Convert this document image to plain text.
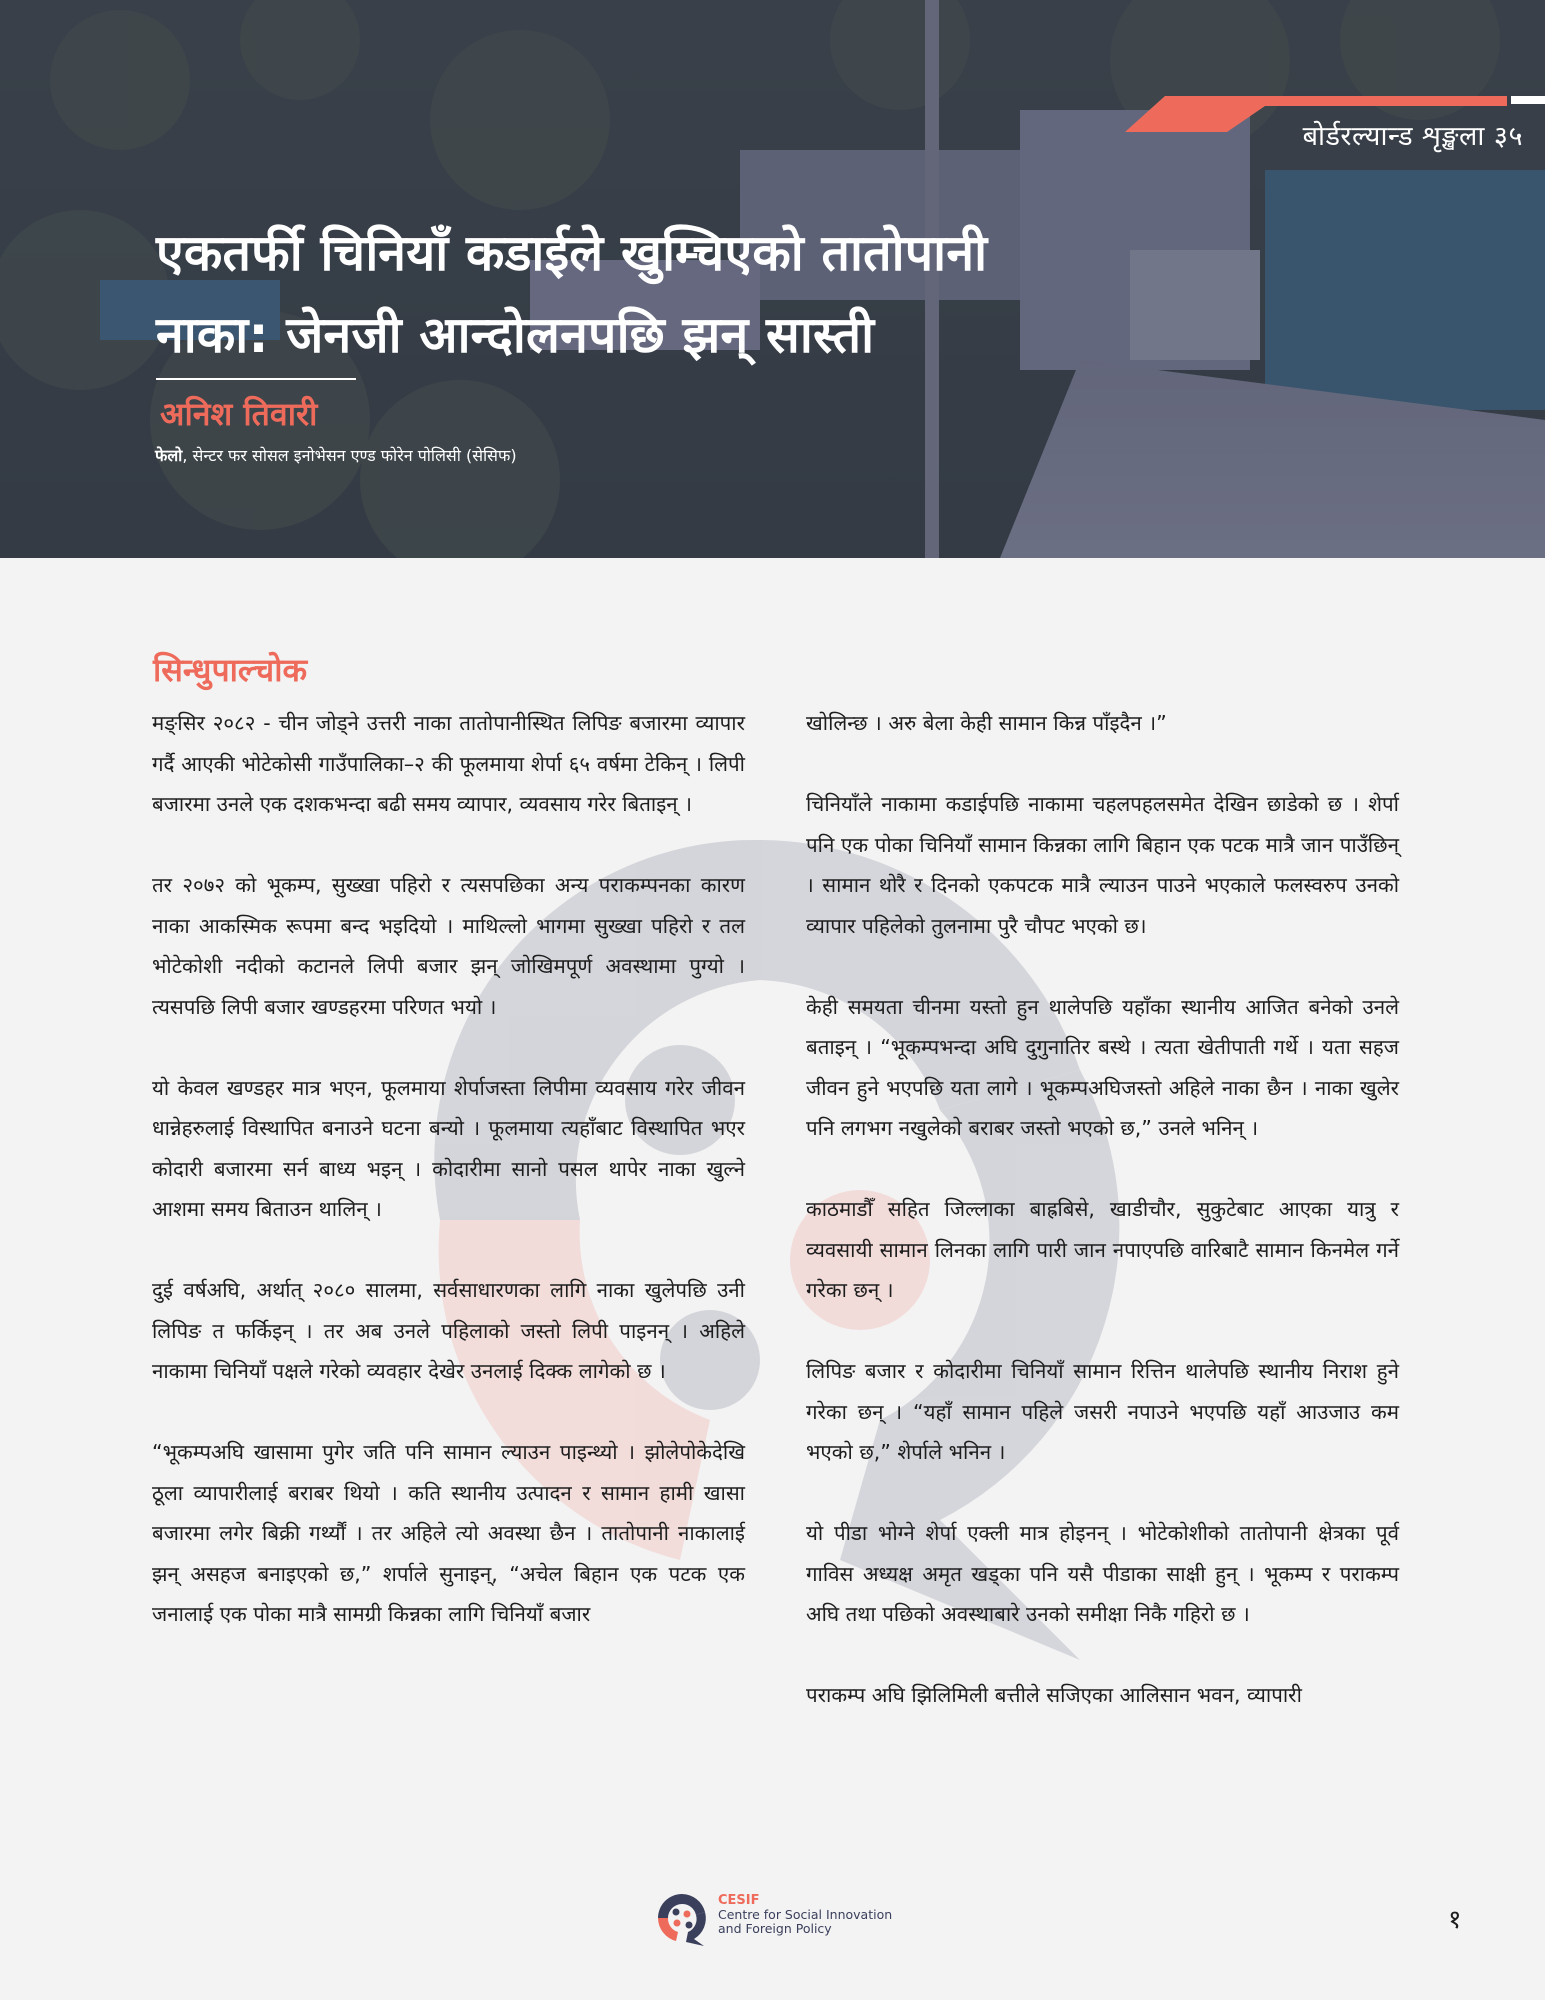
बोर्डरल्यान्ड शृङ्खला ३५
एकतर्फी चिनियाँ कडाईले खुम्चिएको तातोपानी
नाका: जेनजी आन्दोलनपछि झन् सास्ती
अनिश तिवारी
फेलो, सेन्टर फर सोसल इनोभेसन एण्ड फोरेन पोलिसी (सेसिफ)
सिन्धुपाल्चोक

मङ्सिर २०८२ - चीन जोड्ने उत्तरी नाका तातोपानीस्थित लिपिङ बजारमा व्यापार गर्दै आएकी भोटेकोसी गाउँपालिका–२ की फूलमाया शेर्पा ६५ वर्षमा टेकिन् । लिपी बजारमा उनले एक दशकभन्दा बढी समय व्यापार, व्यवसाय गरेर बिताइन् ।

तर २०७२ को भूकम्प, सुख्खा पहिरो र त्यसपछिका अन्य पराकम्पनका कारण नाका आकस्मिक रूपमा बन्द भइदियो । माथिल्लो भागमा सुख्खा पहिरो र तल भोटेकोशी नदीको कटानले लिपी बजार झन् जोखिमपूर्ण अवस्थामा पुग्यो । त्यसपछि लिपी बजार खण्डहरमा परिणत भयो ।

यो केवल खण्डहर मात्र भएन, फूलमाया शेर्पाजस्ता लिपीमा व्यवसाय गरेर जीवन धान्नेहरुलाई विस्थापित बनाउने घटना बन्यो । फूलमाया त्यहाँबाट विस्थापित भएर कोदारी बजारमा सर्न बाध्य भइन् । कोदारीमा सानो पसल थापेर नाका खुल्ने आशमा समय बिताउन थालिन् ।

दुई वर्षअघि, अर्थात् २०८० सालमा, सर्वसाधारणका लागि नाका खुलेपछि उनी लिपिङ त फर्किइन् । तर अब उनले पहिलाको जस्तो लिपी पाइनन् । अहिले नाकामा चिनियाँ पक्षले गरेको व्यवहार देखेर उनलाई दिक्क लागेको छ ।

“भूकम्पअघि खासामा पुगेर जति पनि सामान ल्याउन पाइन्थ्यो । झोलेपोकेदेखि ठूला व्यापारीलाई बराबर थियो । कति स्थानीय उत्पादन र सामान हामी खासा बजारमा लगेर बिक्री गर्थ्यौं । तर अहिले त्यो अवस्था छैन । तातोपानी नाकालाई झन् असहज बनाइएको छ,” शर्पाले सुनाइन्, “अचेल बिहान एक पटक एक जनालाई एक पोका मात्रै सामग्री किन्नका लागि चिनियाँ बजार

खोलिन्छ । अरु बेला केही सामान किन्न पाँइदैन ।”

चिनियाँले नाकामा कडाईपछि नाकामा चहलपहलसमेत देखिन छाडेको छ । शेर्पा पनि एक पोका चिनियाँ सामान किन्नका लागि बिहान एक पटक मात्रै जान पाउँछिन् । सामान थोरै र दिनको एकपटक मात्रै ल्याउन पाउने भएकाले फलस्वरुप उनको व्यापार पहिलेको तुलनामा पुरै चौपट भएको छ।

केही समयता चीनमा यस्तो हुन थालेपछि यहाँका स्थानीय आजित बनेको उनले बताइन् । “भूकम्पभन्दा अघि दुगुनातिर बस्थे । त्यता खेतीपाती गर्थे । यता सहज जीवन हुने भएपछि यता लागे । भूकम्पअघिजस्तो अहिले नाका छैन । नाका खुलेर पनि लगभग नखुलेको बराबर जस्तो भएको छ,” उनले भनिन् ।

काठमाडौँ सहित जिल्लाका बाह्रबिसे, खाडीचौर, सुकुटेबाट आएका यात्रु र व्यवसायी सामान लिनका लागि पारी जान नपाएपछि वारिबाटै सामान किनमेल गर्ने गरेका छन् ।

लिपिङ बजार र कोदारीमा चिनियाँ सामान रित्तिन थालेपछि स्थानीय निराश हुने गरेका छन् । “यहाँ सामान पहिले जसरी नपाउने भएपछि यहाँ आउजाउ कम भएको छ,” शेर्पाले भनिन ।

यो पीडा भोग्ने शेर्पा एक्ली मात्र होइनन् । भोटेकोशीको तातोपानी क्षेत्रका पूर्व गाविस अध्यक्ष अमृत खड्का पनि यसै पीडाका साक्षी हुन् । भूकम्प र पराकम्प अघि तथा पछिको अवस्थाबारे उनको समीक्षा निकै गहिरो छ ।

पराकम्प अघि झिलिमिली बत्तीले सजिएका आलिसान भवन, व्यापारी

CESIF
Centre for Social Innovation and Foreign Policy	१
